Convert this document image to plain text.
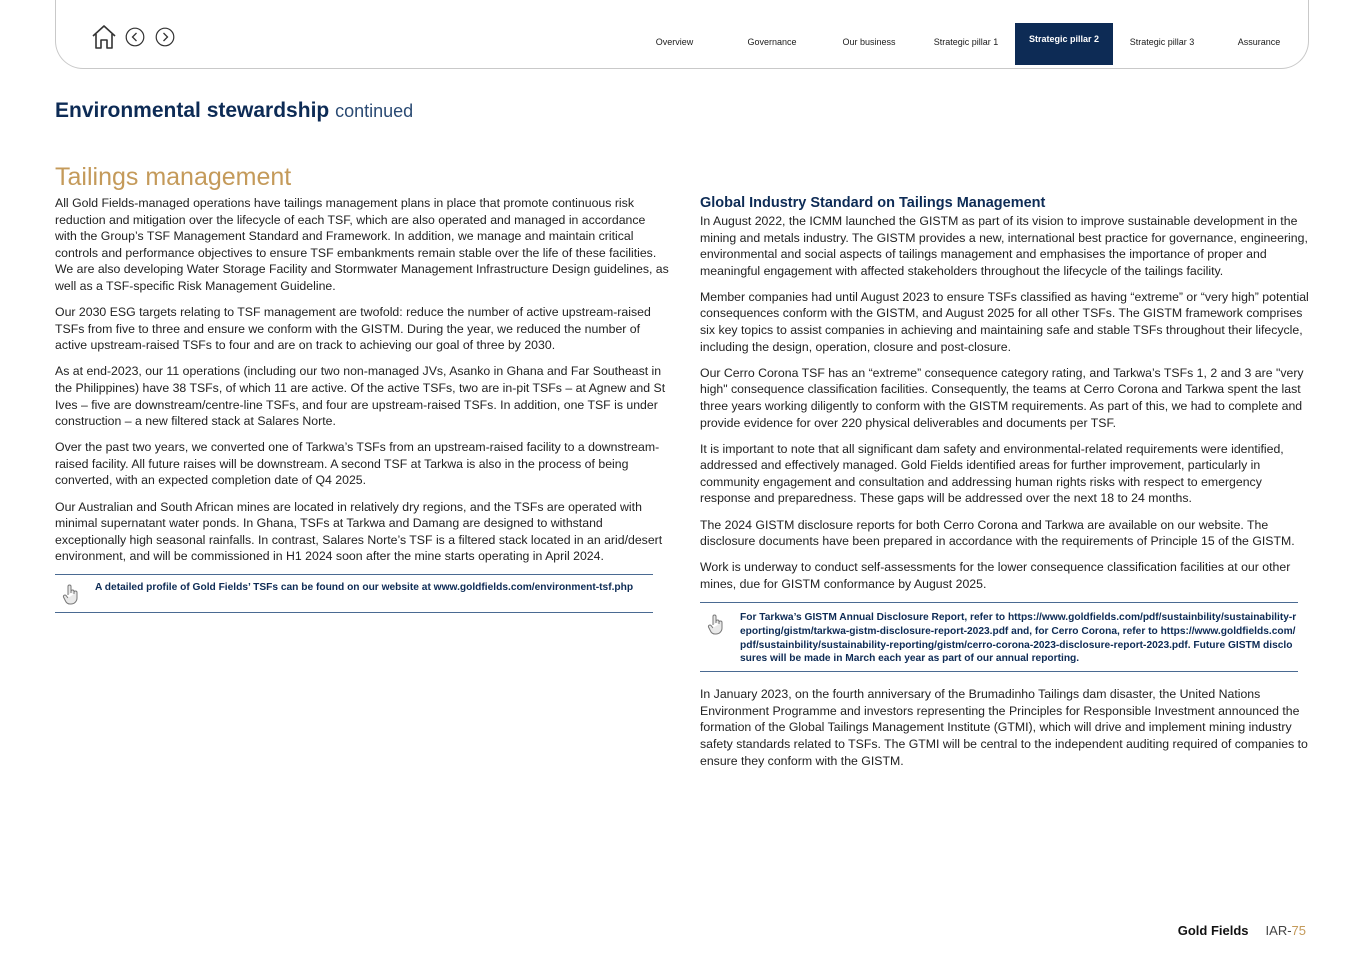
Overview	Governance	Our business	Strategic pillar 1	Strategic pillar 2	Strategic pillar 3	Assurance
Environmental stewardship continued
Tailings management

All Gold Fields-managed operations have tailings management plans in place that promote continuous risk reduction and mitigation over the lifecycle of each TSF, which are also operated and managed in accordance with the Group’s TSF Management Standard and Framework. In addition, we manage and maintain critical controls and performance objectives to ensure TSF embankments remain stable over the life of these facilities. We are also developing Water Storage Facility and Stormwater Management Infrastructure Design guidelines, as well as a TSF-specific Risk Management Guideline.

Our 2030 ESG targets relating to TSF management are twofold: reduce the number of active upstream-raised TSFs from five to three and ensure we conform with the GISTM. During the year, we reduced the number of active upstream-raised TSFs to four and are on track to achieving our goal of three by 2030.

As at end-2023, our 11 operations (including our two non-managed JVs, Asanko in Ghana and Far Southeast in the Philippines) have 38 TSFs, of which 11 are active. Of the active TSFs, two are in-pit TSFs – at Agnew and St Ives – five are downstream/centre-line TSFs, and four are upstream-raised TSFs. In addition, one TSF is under construction – a new filtered stack at Salares Norte.

Over the past two years, we converted one of Tarkwa’s TSFs from an upstream-raised facility to a downstream-raised facility. All future raises will be downstream. A second TSF at Tarkwa is also in the process of being converted, with an expected completion date of Q4 2025.

Our Australian and South African mines are located in relatively dry regions, and the TSFs are operated with minimal supernatant water ponds. In Ghana, TSFs at Tarkwa and Damang are designed to withstand exceptionally high seasonal rainfalls. In contrast, Salares Norte’s TSF is a filtered stack located in an arid/desert environment, and will be commissioned in H1 2024 soon after the mine starts operating in April 2024.

A detailed profile of Gold Fields’ TSFs can be found on our website at www.goldfields.com/environment-tsf.php
Global Industry Standard on Tailings Management

In August 2022, the ICMM launched the GISTM as part of its vision to improve sustainable development in the mining and metals industry. The GISTM provides a new, international best practice for governance, engineering, environmental and social aspects of tailings management and emphasises the importance of proper and meaningful engagement with affected stakeholders throughout the lifecycle of the tailings facility.

Member companies had until August 2023 to ensure TSFs classified as having “extreme” or “very high” potential consequences conform with the GISTM, and August 2025 for all other TSFs. The GISTM framework comprises six key topics to assist companies in achieving and maintaining safe and stable TSFs throughout their lifecycle, including the design, operation, closure and post-closure.

Our Cerro Corona TSF has an “extreme” consequence category rating, and Tarkwa’s TSFs 1, 2 and 3 are "very high" consequence classification facilities. Consequently, the teams at Cerro Corona and Tarkwa spent the last three years working diligently to conform with the GISTM requirements. As part of this, we had to complete and provide evidence for over 220 physical deliverables and documents per TSF.

It is important to note that all significant dam safety and environmental-related requirements were identified, addressed and effectively managed. Gold Fields identified areas for further improvement, particularly in community engagement and consultation and addressing human rights risks with respect to emergency response and preparedness. These gaps will be addressed over the next 18 to 24 months.

The 2024 GISTM disclosure reports for both Cerro Corona and Tarkwa are available on our website. The disclosure documents have been prepared in accordance with the requirements of Principle 15 of the GISTM.

Work is underway to conduct self-assessments for the lower consequence classification facilities at our other mines, due for GISTM conformance by August 2025.

For Tarkwa’s GISTM Annual Disclosure Report, refer to https://www.goldfields.com/pdf/sustainbility/sustainability-reporting/gistm/tarkwa-gistm-disclosure-report-2023.pdf and, for Cerro Corona, refer to https://www.goldfields.com/pdf/sustainbility/sustainability-reporting/gistm/cerro-corona-2023-disclosure-report-2023.pdf. Future GISTM disclosures will be made in March each year as part of our annual reporting.

In January 2023, on the fourth anniversary of the Brumadinho Tailings dam disaster, the United Nations Environment Programme and investors representing the Principles for Responsible Investment announced the formation of the Global Tailings Management Institute (GTMI), which will drive and implement mining industry safety standards related to TSFs. The GTMI will be central to the independent auditing required of companies to ensure they conform with the GISTM.

Gold Fields IAR-75
